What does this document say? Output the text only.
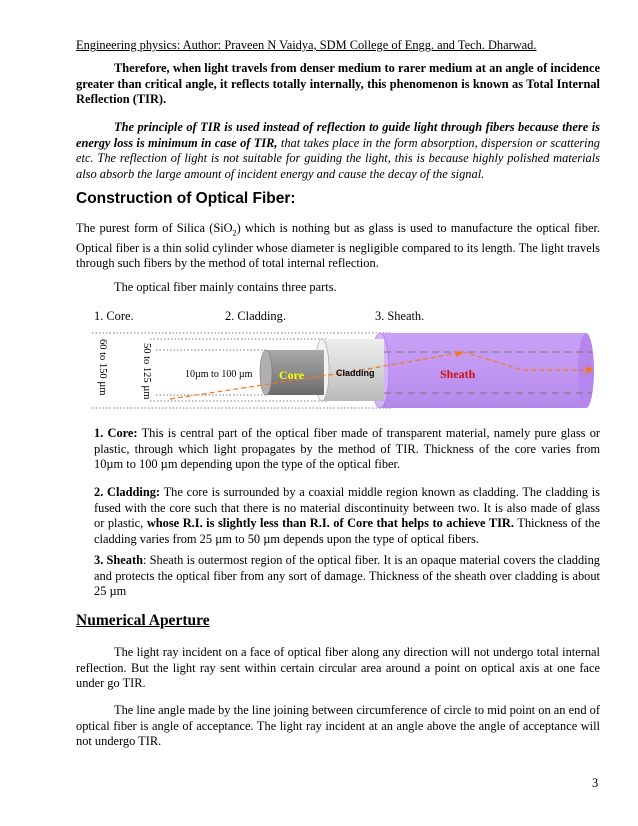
Engineering physics: Author: Praveen N Vaidya, SDM College of Engg. and Tech. Dharwad.

Therefore, when light travels from denser medium to rarer medium at an angle of incidence greater than critical angle, it reflects totally internally, this phenomenon is known as Total Internal Reflection (TIR).

The principle of TIR is used instead of reflection to guide light through fibers because there is energy loss is minimum in case of TIR, that takes place in the form absorption, dispersion or scattering etc. The reflection of light is not suitable for guiding the light, this is because highly polished materials also absorb the large amount of incident energy and cause the decay of the signal.

Construction of Optical Fiber:

The purest form of Silica (SiO$_2$) which is nothing but as glass is used to manufacture the optical fiber. Optical fiber is a thin solid cylinder whose diameter is negligible compared to its length. The light travels through such fibers by the method of total internal reflection.

The optical fiber mainly contains three parts.

1. Core.	2. Cladding.	3. Sheath.
60 to 150 µm	50 to 125 µm	10µm to 100 µm Core	Cladding	Sheath

1. Core: This is central part of the optical fiber made of transparent material, namely pure glass or plastic, through which light propagates by the method of TIR. Thickness of the core varies from 10µm to 100 µm depending upon the type of the optical fiber.

2. Cladding: The core is surrounded by a coaxial middle region known as cladding. The cladding is fused with the core such that there is no material discontinuity between two. It is also made of glass or plastic, whose R.I. is slightly less than R.I. of Core that helps to achieve TIR. Thickness of the cladding varies from 25 µm to 50 µm depends upon the type of optical fibers.

3. Sheath: Sheath is outermost region of the optical fiber. It is an opaque material covers the cladding and protects the optical fiber from any sort of damage. Thickness of the sheath over cladding is about 25 µm

Numerical Aperture

The light ray incident on a face of optical fiber along any direction will not undergo total internal reflection. But the light ray sent within certain circular area around a point on optical axis at one face under go TIR.

The line angle made by the line joining between circumference of circle to mid point on an end of optical fiber is angle of acceptance. The light ray incident at an angle above the angle of acceptance will not undergo TIR.

3
